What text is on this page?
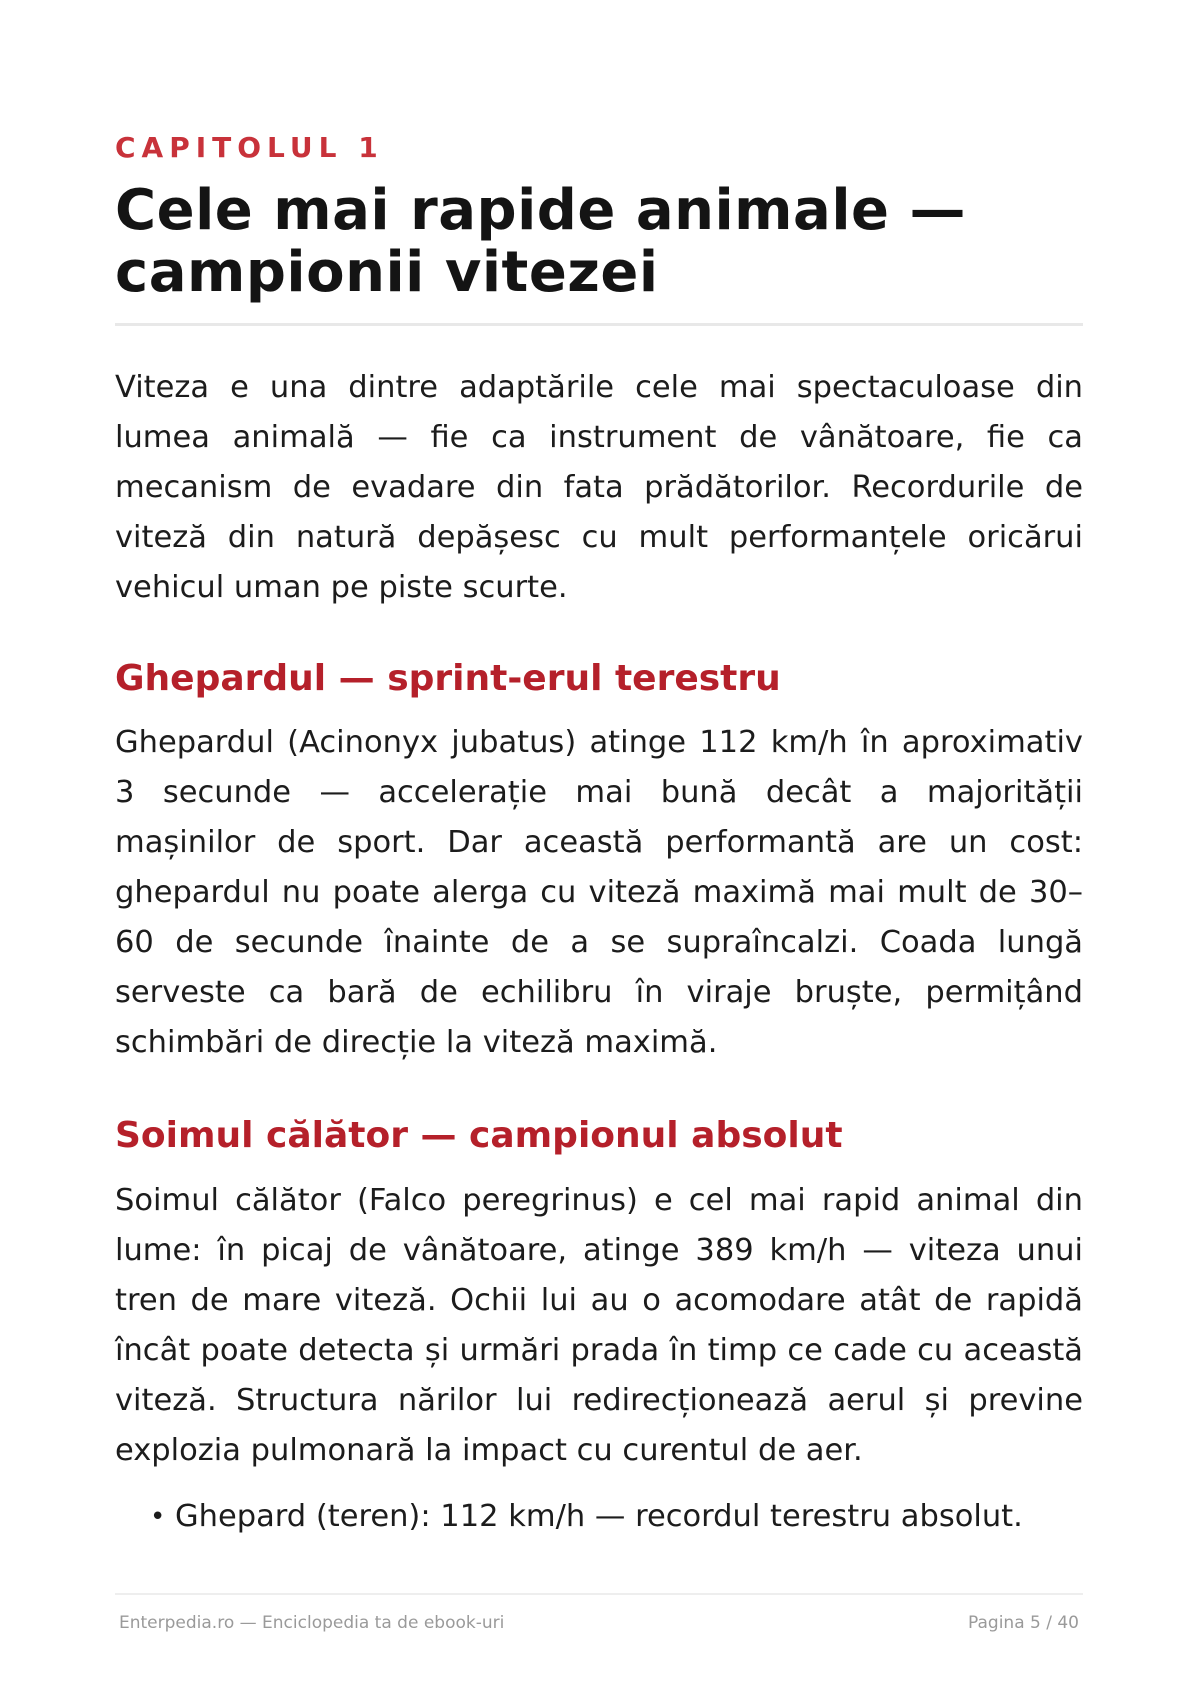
CAPITOLUL 1
Cele mai rapide animale — campionii vitezei

Viteza e una dintre adaptările cele mai spectaculoase din lumea animală — fie ca instrument de vânătoare, fie ca mecanism de evadare din fata prădătorilor. Recordurile de viteză din natură depășesc cu mult performanțele oricărui vehicul uman pe piste scurte.

Ghepardul — sprint-erul terestru

Ghepardul (Acinonyx jubatus) atinge 112 km/h în aproximativ 3 secunde — accelerație mai bună decât a majorității mașinilor de sport. Dar această performantă are un cost: ghepardul nu poate alerga cu viteză maximă mai mult de 30–60 de secunde înainte de a se supraîncalzi. Coada lungă serveste ca bară de echilibru în viraje bruște, permițând schimbări de direcție la viteză maximă.

Soimul călător — campionul absolut

Soimul călător (Falco peregrinus) e cel mai rapid animal din lume: în picaj de vânătoare, atinge 389 km/h — viteza unui tren de mare viteză. Ochii lui au o acomodare atât de rapidă încât poate detecta și urmări prada în timp ce cade cu această viteză. Structura nărilor lui redirecționează aerul și previne explozia pulmonară la impact cu curentul de aer.

• Ghepard (teren): 112 km/h — recordul terestru absolut.
Enterpedia.ro — Enciclopedia ta de ebook-uri	Pagina 5 / 40
